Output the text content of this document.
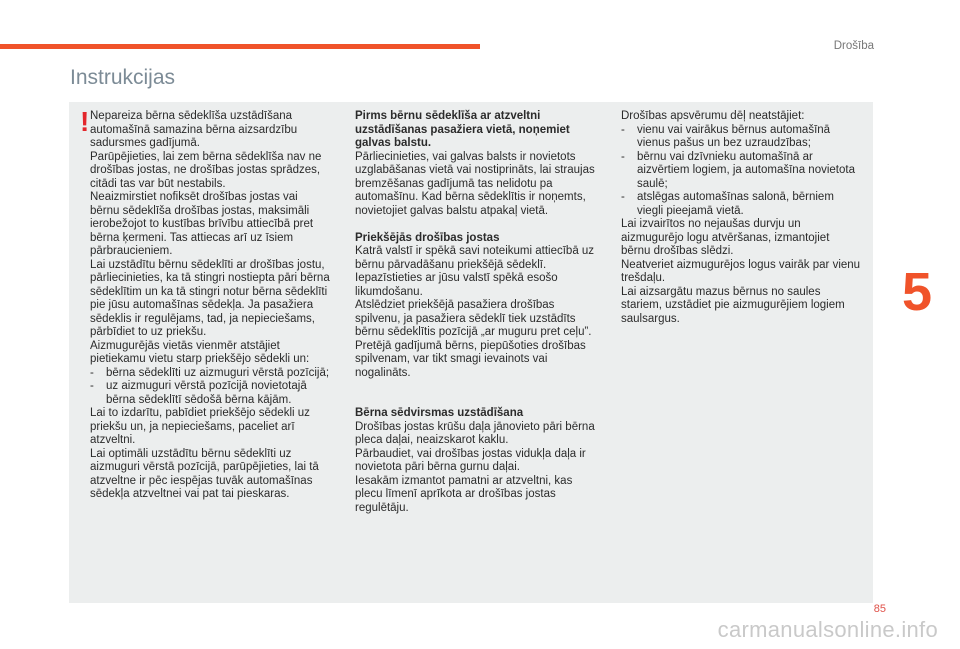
Drošība
Instrukcijas
! Nepareiza bērna sēdeklīša uzstādīšana automašīnā samazina bērna aizsardzību sadursmes gadījumā.

Parūpējieties, lai zem bērna sēdeklīša nav ne drošības jostas, ne drošības jostas sprādzes, citādi tas var būt nestabils.

Neaizmirstiet nofiksēt drošības jostas vai bērnu sēdeklīša drošības jostas, maksimāli ierobežojot to kustības brīvību attiecībā pret bērna ķermeni. Tas attiecas arī uz īsiem pārbraucieniem.

Lai uzstādītu bērnu sēdeklīti ar drošības jostu, pārliecinieties, ka tā stingri nostiepta pāri bērna sēdeklītim un ka tā stingri notur bērna sēdeklīti pie jūsu automašīnas sēdekļa. Ja pasažiera sēdeklis ir regulējams, tad, ja nepieciešams, pārbīdiet to uz priekšu.

Aizmugurējās vietās vienmēr atstājiet pietiekamu vietu starp priekšējo sēdekli un:

-	bērna sēdeklīti uz aizmuguri vērstā pozīcijā;
-	uz aizmuguri vērstā pozīcijā novietotajā bērna sēdeklītī sēdošā bērna kājām.

Lai to izdarītu, pabīdiet priekšējo sēdekli uz priekšu un, ja nepieciešams, paceliet arī atzveltni.

Lai optimāli uzstādītu bērnu sēdeklīti uz aizmuguri vērstā pozīcijā, parūpējieties, lai tā atzveltne ir pēc iespējas tuvāk automašīnas sēdekļa atzveltnei vai pat tai pieskaras.

Pirms bērnu sēdeklīša ar atzveltni uzstādīšanas pasažiera vietā, noņemiet galvas balstu.

Pārliecinieties, vai galvas balsts ir novietots uzglabāšanas vietā vai nostiprināts, lai straujas bremzēšanas gadījumā tas nelidotu pa automašīnu. Kad bērna sēdeklītis ir noņemts, novietojiet galvas balstu atpakaļ vietā.

Priekšējās drošības jostas

Katrā valstī ir spēkā savi noteikumi attiecībā uz bērnu pārvadāšanu priekšējā sēdeklī. Iepazīstieties ar jūsu valstī spēkā esošo likumdošanu.

Atslēdziet priekšējā pasažiera drošības spilvenu, ja pasažiera sēdeklī tiek uzstādīts bērnu sēdeklītis pozīcijā „ar muguru pret ceļu”.

Pretējā gadījumā bērns, piepūšoties drošības spilvenam, var tikt smagi ievainots vai nogalināts.

Bērna sēdvirsmas uzstādīšana

Drošības jostas krūšu daļa jānovieto pāri bērna pleca daļai, neaizskarot kaklu.

Pārbaudiet, vai drošības jostas vidukļa daļa ir novietota pāri bērna gurnu daļai.

Iesakām izmantot pamatni ar atzveltni, kas plecu līmenī aprīkota ar drošības jostas regulētāju.

Drošības apsvērumu dēļ neatstājiet:

-	vienu vai vairākus bērnus automašīnā vienus pašus un bez uzraudzības;
-	bērnu vai dzīvnieku automašīnā ar aizvērtiem logiem, ja automašīna novietota saulē;
-	atslēgas automašīnas salonā, bērniem viegli pieejamā vietā.

Lai izvairītos no nejaušas durvju un aizmugurējo logu atvēršanas, izmantojiet bērnu drošības slēdzi.

Neatveriet aizmugurējos logus vairāk par vienu trešdaļu.

Lai aizsargātu mazus bērnus no saules stariem, uzstādiet pie aizmugurējiem logiem saulsargus.	5
85
carmanualsonline.info
